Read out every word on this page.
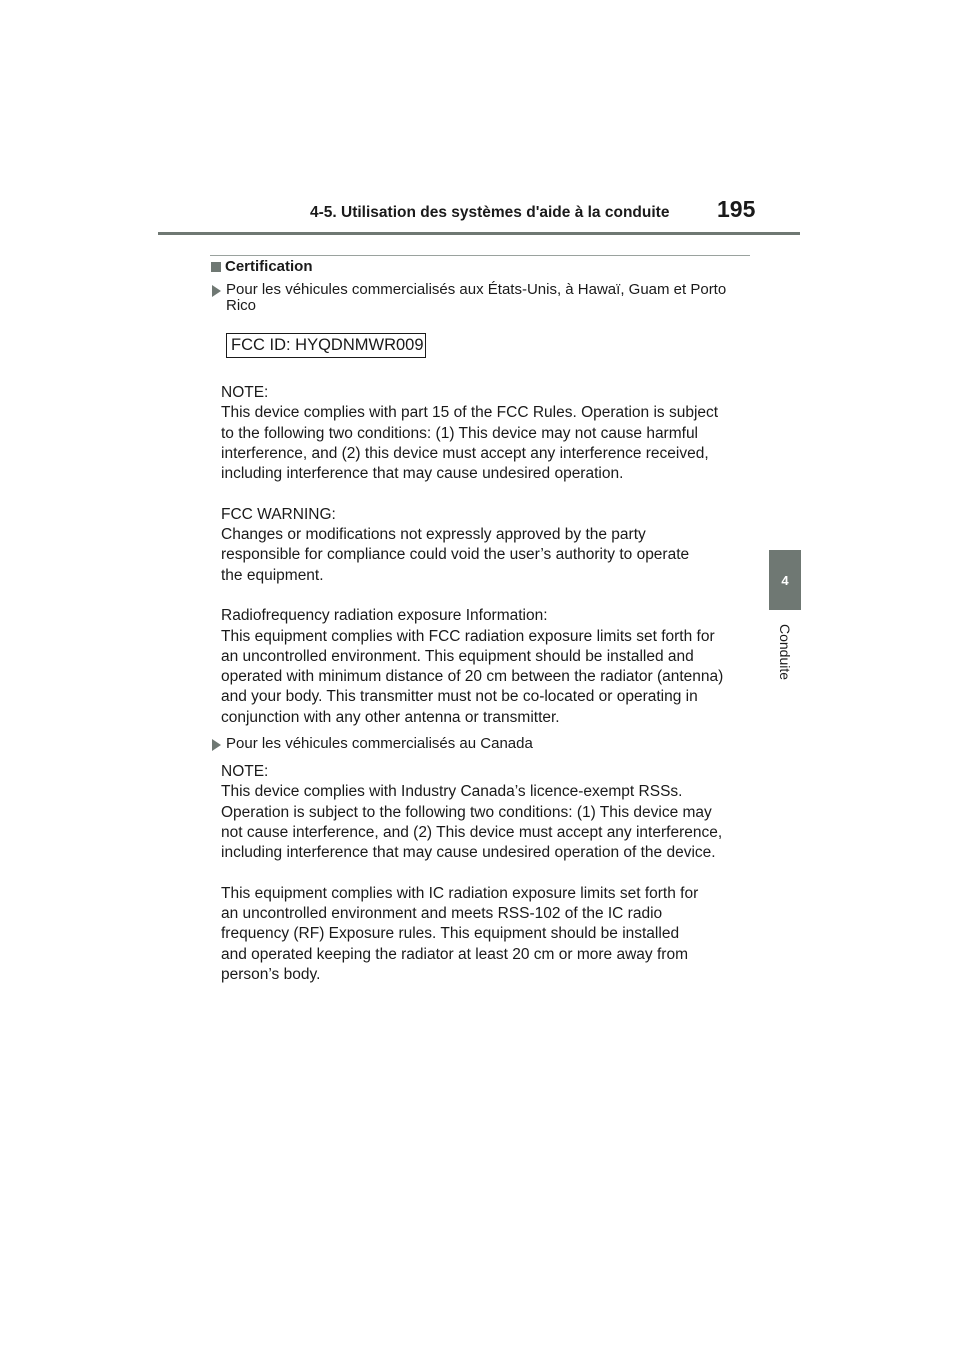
4-5. Utilisation des systèmes d'aide à la conduite 195
4
Conduite
Certification
Pour les véhicules commercialisés aux États-Unis, à Hawaï, Guam et Porto Rico
FCC ID: HYQDNMWR009

NOTE:

This device complies with part 15 of the FCC Rules. Operation is subject

to the following two conditions: (1) This device may not cause harmful

interference, and (2) this device must accept any interference received,

including interference that may cause undesired operation.

FCC WARNING:

Changes or modifications not expressly approved by the party

responsible for compliance could void the user’s authority to operate

the equipment.

Radiofrequency radiation exposure Information:

This equipment complies with FCC radiation exposure limits set forth for

an uncontrolled environment. This equipment should be installed and

operated with minimum distance of 20 cm between the radiator (antenna)

and your body. This transmitter must not be co-located or operating in

conjunction with any other antenna or transmitter.

Pour les véhicules commercialisés au Canada

NOTE:

This device complies with Industry Canada’s licence-exempt RSSs.

Operation is subject to the following two conditions: (1) This device may

not cause interference, and (2) This device must accept any interference,

including interference that may cause undesired operation of the device.

This equipment complies with IC radiation exposure limits set forth for

an uncontrolled environment and meets RSS-102 of the IC radio

frequency (RF) Exposure rules. This equipment should be installed

and operated keeping the radiator at least 20 cm or more away from

person’s body.
